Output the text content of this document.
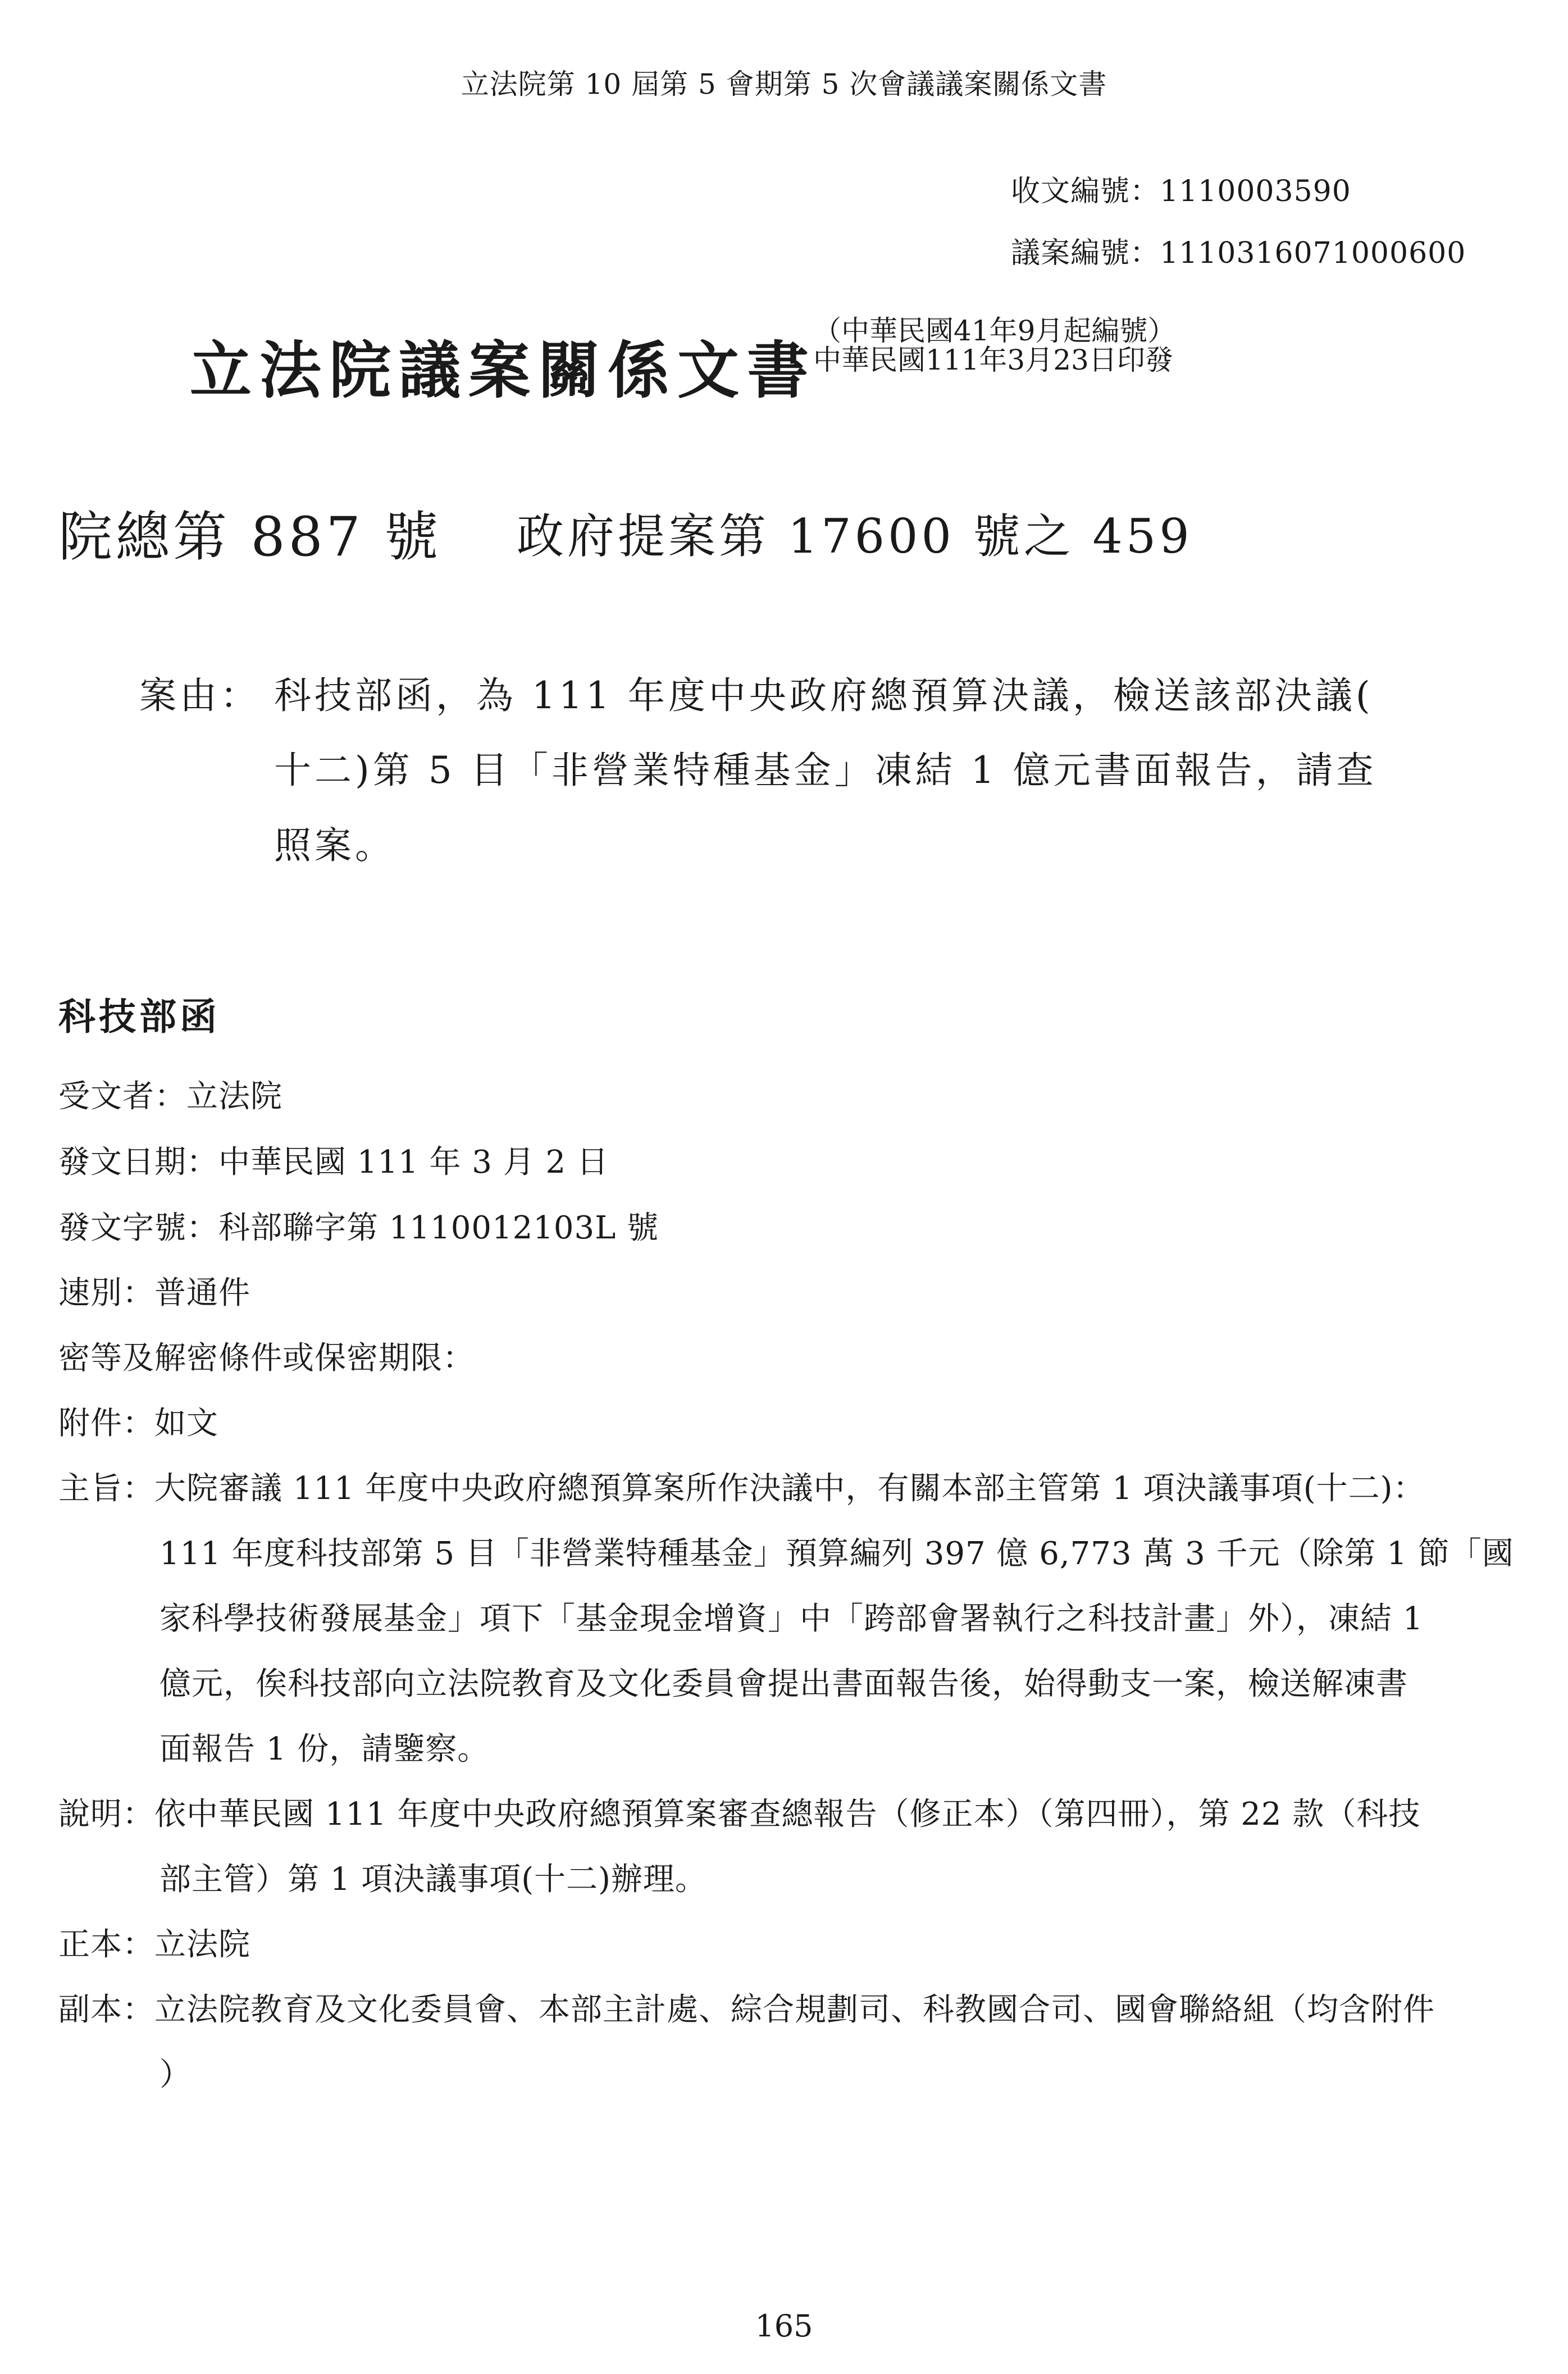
立法院第 10 屆第 5 會期第 5 次會議議案關係文書
收文編號：1110003590
議案編號：1110316071000600
立法院議案關係文書
（中華民國41年9月起編號）
中華民國111年3月23日印發
院總第 887 號 政府提案第 17600 號之 459
案由： 科技部函，為 111 年度中央政府總預算決議，檢送該部決議(
十二)第 5 目「非營業特種基金」凍結 1 億元書面報告，請查
照案。
科技部函
受文者：立法院
發文日期：中華民國 111 年 3 月 2 日
發文字號：科部聯字第 1110012103L 號
速別：普通件
密等及解密條件或保密期限：
附件：如文
主旨：大院審議 111 年度中央政府總預算案所作決議中，有關本部主管第 1 項決議事項(十二)：
111 年度科技部第 5 目「非營業特種基金」預算編列 397 億 6,773 萬 3 千元（除第 1 節「國
家科學技術發展基金」項下「基金現金增資」中「跨部會署執行之科技計畫」外），凍結 1
億元，俟科技部向立法院教育及文化委員會提出書面報告後，始得動支一案，檢送解凍書
面報告 1 份，請鑒察。
說明：依中華民國 111 年度中央政府總預算案審查總報告（修正本）（第四冊），第 22 款（科技
部主管）第 1 項決議事項(十二)辦理。
正本：立法院
副本：立法院教育及文化委員會、本部主計處、綜合規劃司、科教國合司、國會聯絡組（均含附件
）
165
